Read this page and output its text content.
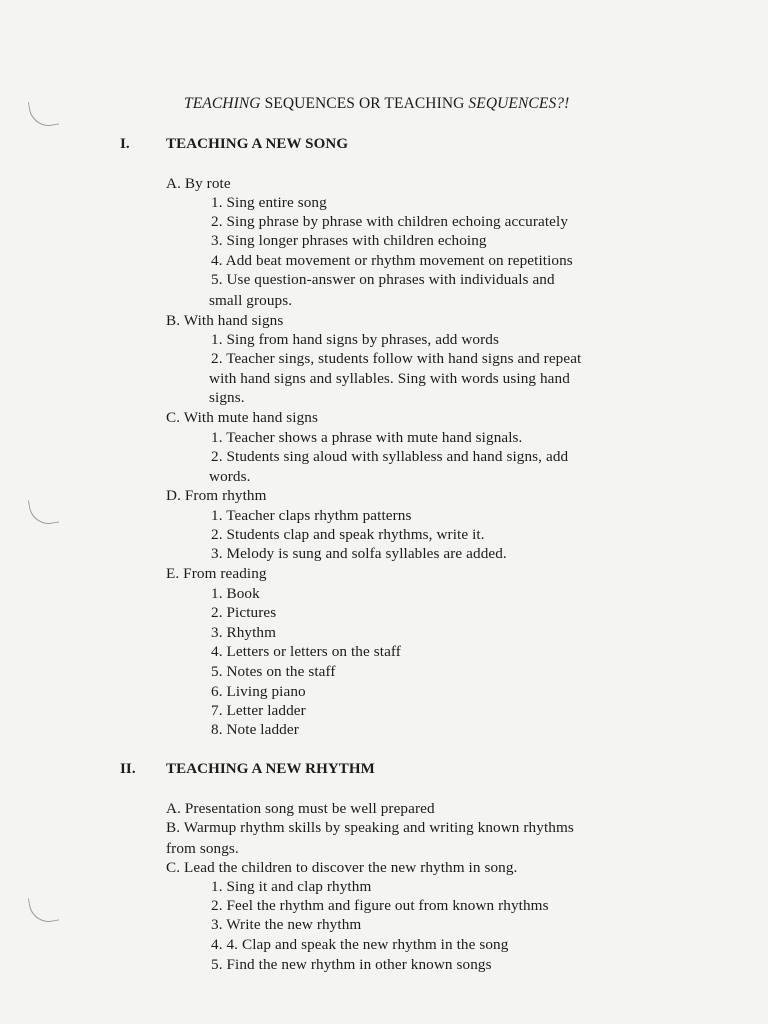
TEACHING SEQUENCES OR TEACHING SEQUENCES?!
I. TEACHING A NEW SONG
A. By rote
1. Sing entire song
2. Sing phrase by phrase with children echoing accurately
3. Sing longer phrases with children echoing
4. Add beat movement or rhythm movement on repetitions
5. Use question-answer on phrases with individuals and
small groups.
B. With hand signs
1. Sing from hand signs by phrases, add words
2. Teacher sings, students follow with hand signs and repeat
with hand signs and syllables. Sing with words using hand
signs.
C. With mute hand signs
1. Teacher shows a phrase with mute hand signals.
2. Students sing aloud with syllabless and hand signs, add
words.
D. From rhythm
1. Teacher claps rhythm patterns
2. Students clap and speak rhythms, write it.
3. Melody is sung and solfa syllables are added.
E. From reading
1. Book
2. Pictures
3. Rhythm
4. Letters or letters on the staff
5. Notes on the staff
6. Living piano
7. Letter ladder
8. Note ladder
II. TEACHING A NEW RHYTHM
A. Presentation song must be well prepared
B. Warmup rhythm skills by speaking and writing known rhythms
from songs.
C. Lead the children to discover the new rhythm in song.
1. Sing it and clap rhythm
2. Feel the rhythm and figure out from known rhythms
3. Write the new rhythm
4. 4. Clap and speak the new rhythm in the song
5. Find the new rhythm in other known songs
